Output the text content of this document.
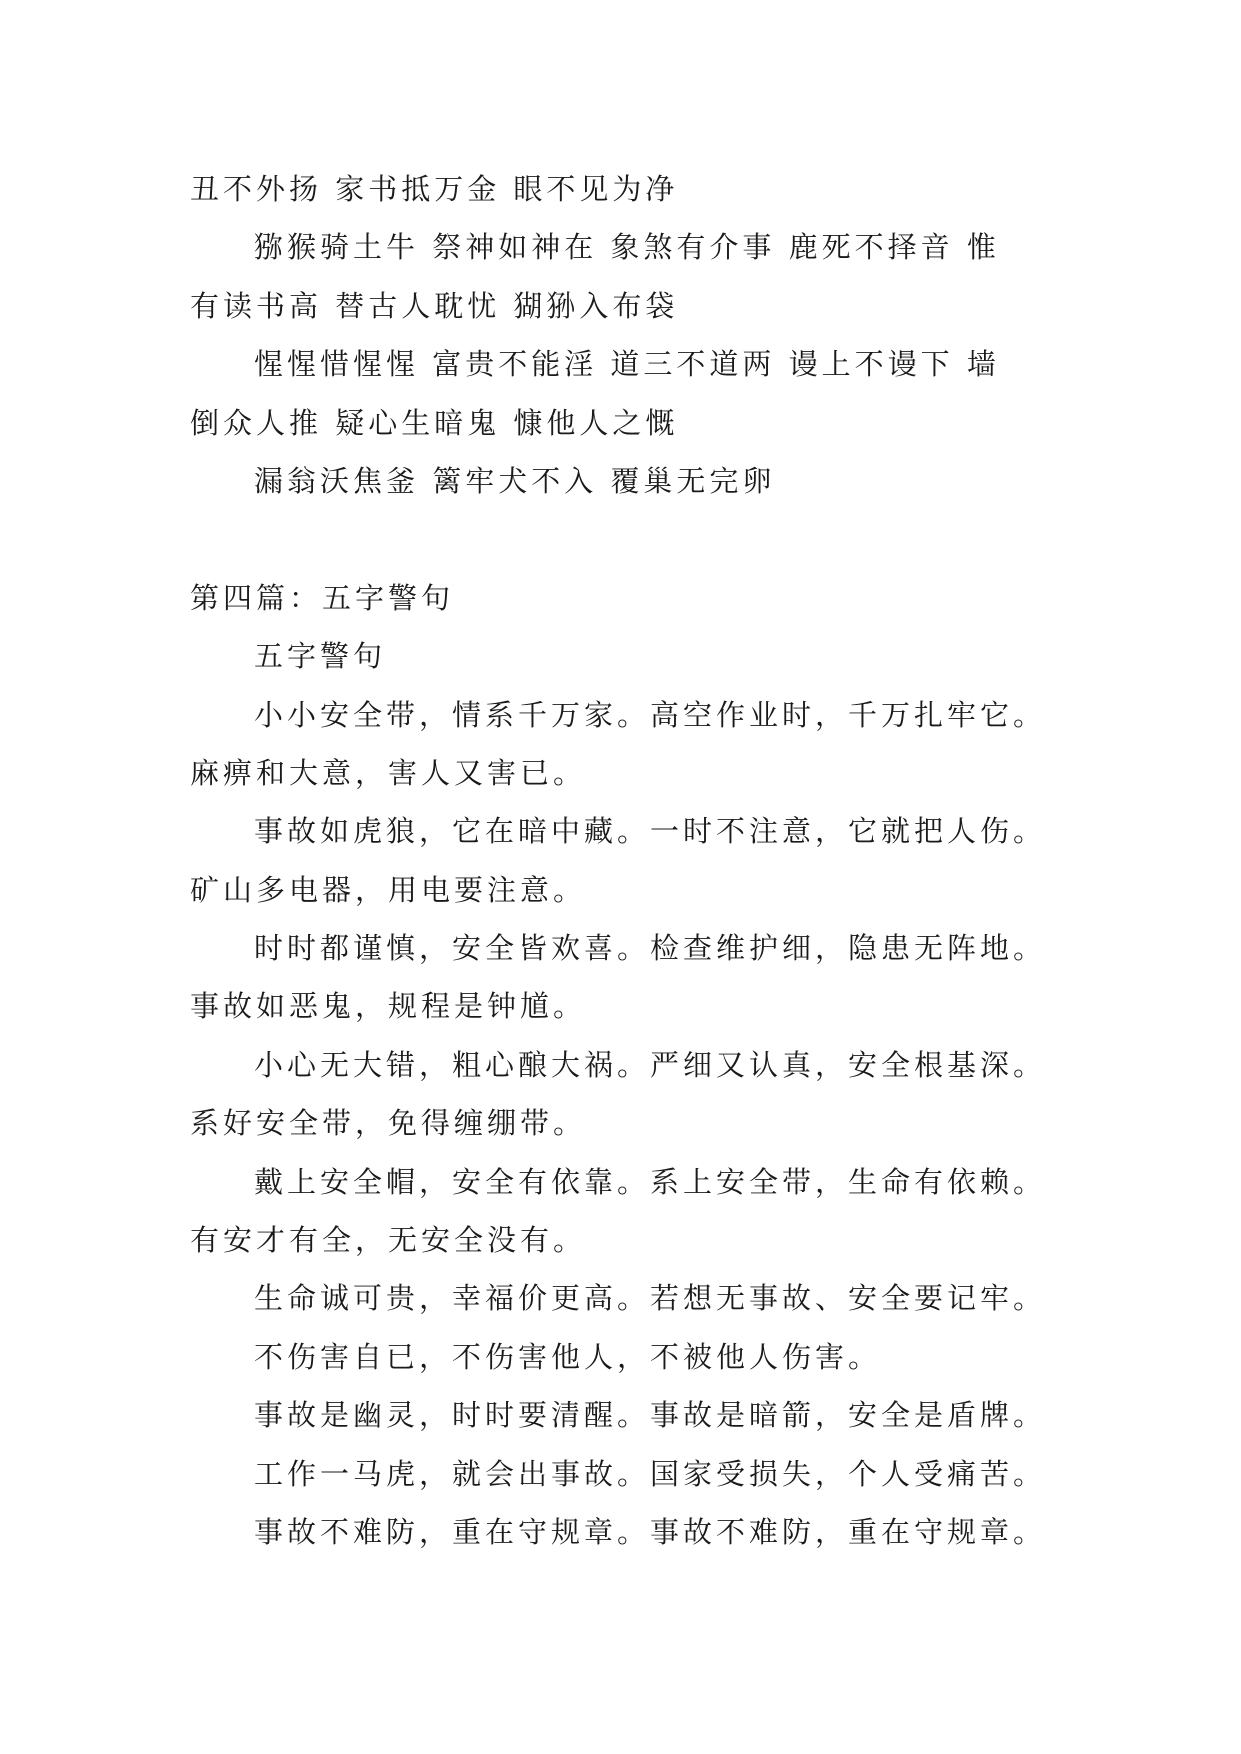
丑不外扬 家书抵万金 眼不见为净
猕猴骑土牛 祭神如神在 象煞有介事 鹿死不择音 惟
有读书高 替古人耽忧 猢狲入布袋
惺惺惜惺惺 富贵不能淫 道三不道两 谩上不谩下 墙
倒众人推 疑心生暗鬼 慷他人之慨
漏翁沃焦釜 篱牢犬不入 覆巢无完卵
第四篇：五字警句
五字警句
小小安全带，情系千万家。高空作业时，千万扎牢它。
麻痹和大意，害人又害已。
事故如虎狼，它在暗中藏。一时不注意，它就把人伤。
矿山多电器，用电要注意。
时时都谨慎，安全皆欢喜。检查维护细，隐患无阵地。
事故如恶鬼，规程是钟馗。
小心无大错，粗心酿大祸。严细又认真，安全根基深。
系好安全带，免得缠绷带。
戴上安全帽，安全有依靠。系上安全带，生命有依赖。
有安才有全，无安全没有。
生命诚可贵，幸福价更高。若想无事故、安全要记牢。
不伤害自已，不伤害他人，不被他人伤害。
事故是幽灵，时时要清醒。事故是暗箭，安全是盾牌。
工作一马虎，就会出事故。国家受损失，个人受痛苦。
事故不难防，重在守规章。事故不难防，重在守规章。
